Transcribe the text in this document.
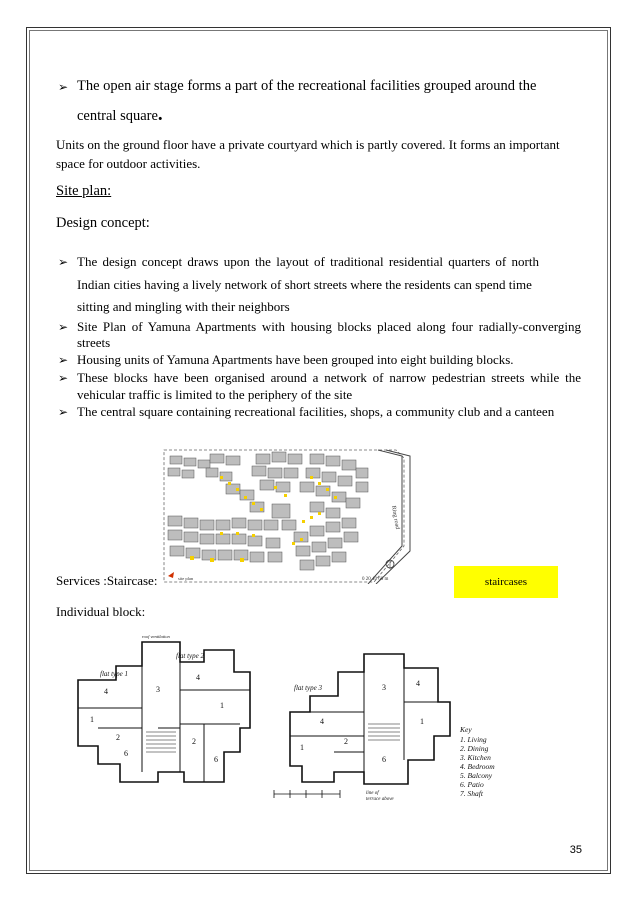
➢ The open air stage forms a part of the recreational facilities grouped around the
central square.
Units on the ground floor have a private courtyard which is partly covered. It forms an important
space for outdoor activities.
Site plan:
Design concept:
➢ The design concept draws upon the layout of traditional residential quarters of north
Indian cities having a lively network of short streets where the residents can spend time
sitting and mingling with their neighbors
➢ Site Plan of Yamuna Apartments with housing blocks placed along four radially-converging
streets
➢ Housing units of Yamuna Apartments have been grouped into eight building blocks.
➢ These blocks have been organised around a network of narrow pedestrian streets while the
vehicular traffic is limited to the periphery of the site
➢ The central square containing recreational facilities, shops, a community club and a canteen
Ring road
site plan	0 20 40 60 m
Services :Staircase:	staircases
Individual block:
4
1
2
6
3
4
1
2
6
4
1
2
3	4
1
6
flat type 1
flat type 2
flat type 3
roof ventilation
line of
terrace above
Key
1. Living
2. Dining
3. Kitchen
4. Bedroom
5. Balcony
6. Patio
7. Shaft
35
